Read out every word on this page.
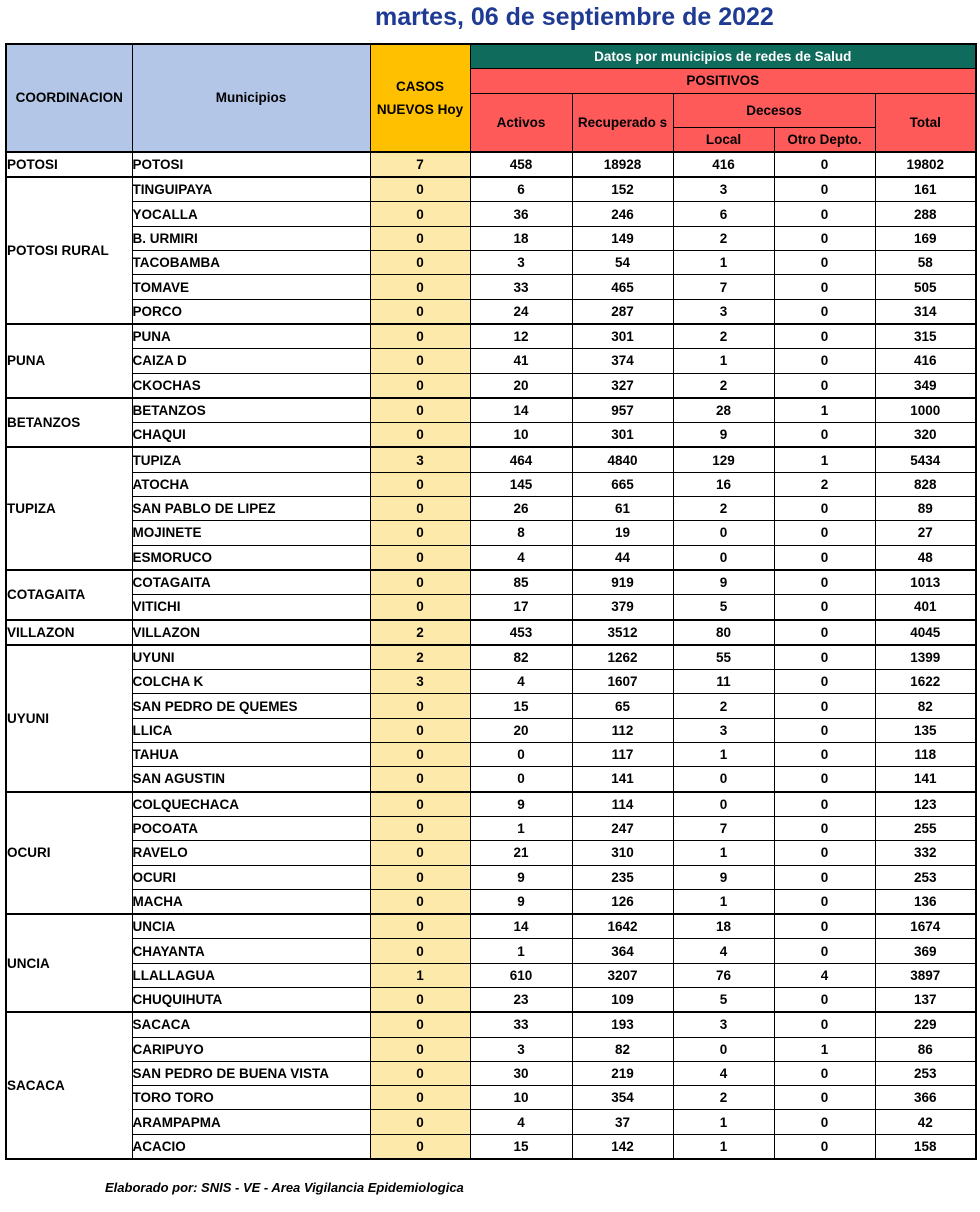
martes, 06 de septiembre de 2022
COORDINACION	Municipios	CASOS NUEVOS Hoy	Datos por municipios de redes de Salud				
			POSITIVOS				
			Activos	Recuperado s	Decesos		Total
					Local	Otro Depto.	
POTOSI	POTOSI	7	458	18928	416	0	19802
POTOSI RURAL	TINGUIPAYA	0	6	152	3	0	161
	YOCALLA	0	36	246	6	0	288
	B. URMIRI	0	18	149	2	0	169
	TACOBAMBA	0	3	54	1	0	58
	TOMAVE	0	33	465	7	0	505
	PORCO	0	24	287	3	0	314
PUNA	PUNA	0	12	301	2	0	315
	CAIZA D	0	41	374	1	0	416
	CKOCHAS	0	20	327	2	0	349
BETANZOS	BETANZOS	0	14	957	28	1	1000
	CHAQUI	0	10	301	9	0	320
TUPIZA	TUPIZA	3	464	4840	129	1	5434
	ATOCHA	0	145	665	16	2	828
	SAN PABLO DE LIPEZ	0	26	61	2	0	89
	MOJINETE	0	8	19	0	0	27
	ESMORUCO	0	4	44	0	0	48
COTAGAITA	COTAGAITA	0	85	919	9	0	1013
	VITICHI	0	17	379	5	0	401
VILLAZON	VILLAZON	2	453	3512	80	0	4045
UYUNI	UYUNI	2	82	1262	55	0	1399
	COLCHA K	3	4	1607	11	0	1622
	SAN PEDRO DE QUEMES	0	15	65	2	0	82
	LLICA	0	20	112	3	0	135
	TAHUA	0	0	117	1	0	118
	SAN AGUSTIN	0	0	141	0	0	141
OCURI	COLQUECHACA	0	9	114	0	0	123
	POCOATA	0	1	247	7	0	255
	RAVELO	0	21	310	1	0	332
	OCURI	0	9	235	9	0	253
	MACHA	0	9	126	1	0	136
UNCIA	UNCIA	0	14	1642	18	0	1674
	CHAYANTA	0	1	364	4	0	369
	LLALLAGUA	1	610	3207	76	4	3897
	CHUQUIHUTA	0	23	109	5	0	137
SACACA	SACACA	0	33	193	3	0	229
	CARIPUYO	0	3	82	0	1	86
	SAN PEDRO DE BUENA VISTA	0	30	219	4	0	253
	TORO TORO	0	10	354	2	0	366
	ARAMPAPMA	0	4	37	1	0	42
	ACACIO	0	15	142	1	0	158
Elaborado por: SNIS - VE - Area Vigilancia Epidemiologica
